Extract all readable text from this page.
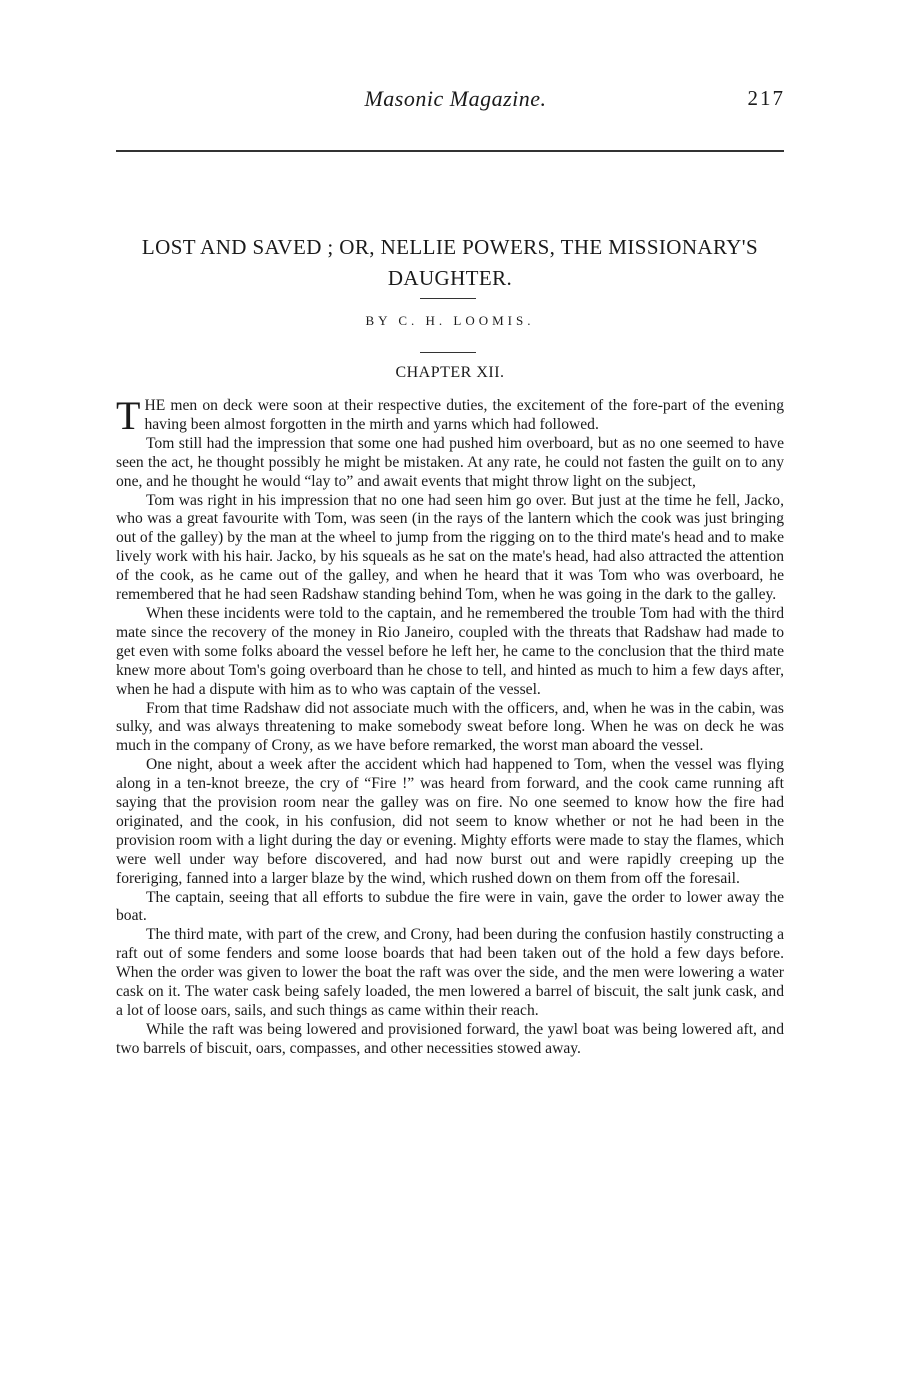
Masonic Magazine.	217
LOST AND SAVED ; OR, NELLIE POWERS, THE MISSIONARY'S DAUGHTER.
BY C. H. LOOMIS.
CHAPTER XII.

THE men on deck were soon at their respective duties, the excitement of the fore-part of the evening having been almost forgotten in the mirth and yarns which had followed.

Tom still had the impression that some one had pushed him overboard, but as no one seemed to have seen the act, he thought possibly he might be mistaken. At any rate, he could not fasten the guilt on to any one, and he thought he would “lay to” and await events that might throw light on the subject,

Tom was right in his impression that no one had seen him go over. But just at the time he fell, Jacko, who was a great favourite with Tom, was seen (in the rays of the lantern which the cook was just bringing out of the galley) by the man at the wheel to jump from the rigging on to the third mate's head and to make lively work with his hair. Jacko, by his squeals as he sat on the mate's head, had also attracted the attention of the cook, as he came out of the galley, and when he heard that it was Tom who was overboard, he remembered that he had seen Radshaw standing behind Tom, when he was going in the dark to the galley.

When these incidents were told to the captain, and he remembered the trouble Tom had with the third mate since the recovery of the money in Rio Janeiro, coupled with the threats that Radshaw had made to get even with some folks aboard the vessel before he left her, he came to the conclusion that the third mate knew more about Tom's going overboard than he chose to tell, and hinted as much to him a few days after, when he had a dispute with him as to who was captain of the vessel.

From that time Radshaw did not associate much with the officers, and, when he was in the cabin, was sulky, and was always threatening to make somebody sweat before long. When he was on deck he was much in the company of Crony, as we have before remarked, the worst man aboard the vessel.

One night, about a week after the accident which had happened to Tom, when the vessel was flying along in a ten-knot breeze, the cry of “Fire !” was heard from forward, and the cook came running aft saying that the provision room near the galley was on fire. No one seemed to know how the fire had originated, and the cook, in his confusion, did not seem to know whether or not he had been in the provision room with a light during the day or evening. Mighty efforts were made to stay the flames, which were well under way before discovered, and had now burst out and were rapidly creeping up the foreriging, fanned into a larger blaze by the wind, which rushed down on them from off the foresail.

The captain, seeing that all efforts to subdue the fire were in vain, gave the order to lower away the boat.

The third mate, with part of the crew, and Crony, had been during the confusion hastily constructing a raft out of some fenders and some loose boards that had been taken out of the hold a few days before. When the order was given to lower the boat the raft was over the side, and the men were lowering a water cask on it. The water cask being safely loaded, the men lowered a barrel of biscuit, the salt junk cask, and a lot of loose oars, sails, and such things as came within their reach.

While the raft was being lowered and provisioned forward, the yawl boat was being lowered aft, and two barrels of biscuit, oars, compasses, and other necessities stowed away.
